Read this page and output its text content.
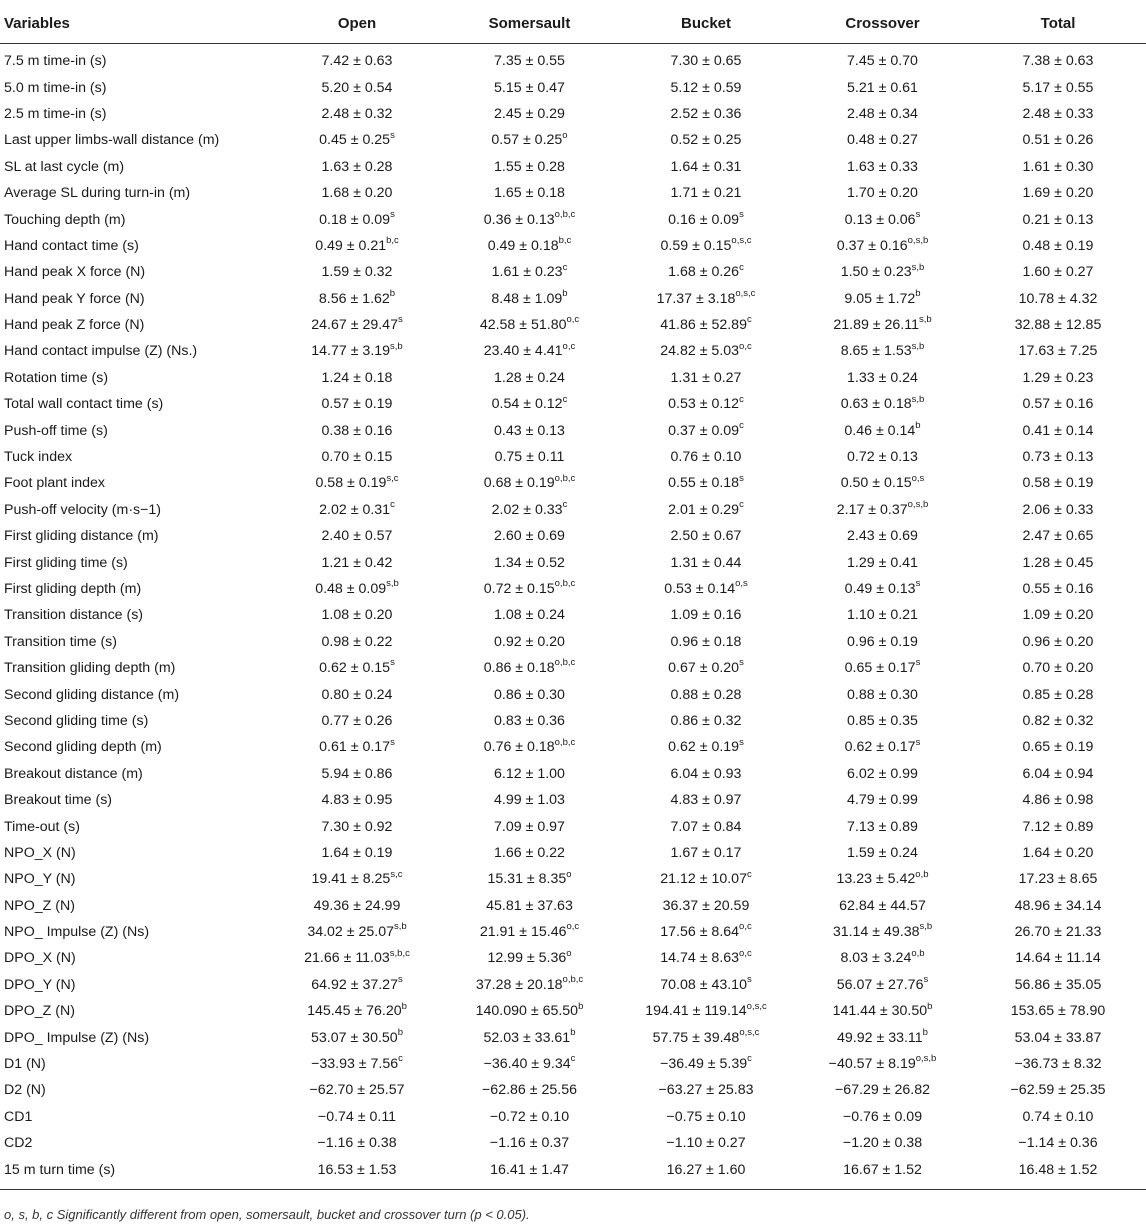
Variables	Open	Somersault	Bucket	Crossover	Total
7.5 m time-in (s)	7.42 ± 0.63	7.35 ± 0.55	7.30 ± 0.65	7.45 ± 0.70	7.38 ± 0.63
5.0 m time-in (s)	5.20 ± 0.54	5.15 ± 0.47	5.12 ± 0.59	5.21 ± 0.61	5.17 ± 0.55
2.5 m time-in (s)	2.48 ± 0.32	2.45 ± 0.29	2.52 ± 0.36	2.48 ± 0.34	2.48 ± 0.33
Last upper limbs-wall distance (m)	$0.45 \pm 0.25^s$	$0.57 \pm 0.25^o$	0.52 ± 0.25	0.48 ± 0.27	0.51 ± 0.26
SL at last cycle (m)	1.63 ± 0.28	1.55 ± 0.28	1.64 ± 0.31	1.63 ± 0.33	1.61 ± 0.30
Average SL during turn-in (m)	1.68 ± 0.20	1.65 ± 0.18	1.71 ± 0.21	1.70 ± 0.20	1.69 ± 0.20
Touching depth (m)	$0.18 \pm 0.09^s$	$0.36 \pm 0.13^{o,b,c}$	$0.16 \pm 0.09^s$	$0.13 \pm 0.06^s$	0.21 ± 0.13
Hand contact time (s)	$0.49 \pm 0.21^{b,c}$	$0.49 \pm 0.18^{b,c}$	$0.59 \pm 0.15^{o,s,c}$	$0.37 \pm 0.16^{o,s,b}$	0.48 ± 0.19
Hand peak X force (N)	1.59 ± 0.32	1.61 ± 0.23$^c$	1.68 ± 0.26$^c$	$1.50 \pm 0.23^{s,b}$	1.60 ± 0.27
Hand peak Y force (N)	8.56 ± 1.62$^b$	8.48 ± 1.09$^b$	$17.37 \pm 3.18^{o,s,c}$	9.05 ± 1.72$^b$	10.78 ± 4.32
Hand peak Z force (N)	$24.67 \pm 29.47^s$	$42.58 \pm 51.80^{o,c}$	41.86 ± 52.89$^c$	$21.89 \pm 26.11^{s,b}$	32.88 ± 12.85
Hand contact impulse (Z) (Ns.)	$14.77 \pm 3.19^{s,b}$	$23.40 \pm 4.41^{o,c}$	$24.82 \pm 5.03^{o,c}$	$8.65 \pm 1.53^{s,b}$	17.63 ± 7.25
Rotation time (s)	1.24 ± 0.18	1.28 ± 0.24	1.31 ± 0.27	1.33 ± 0.24	1.29 ± 0.23
Total wall contact time (s)	0.57 ± 0.19	0.54 ± 0.12$^c$	0.53 ± 0.12$^c$	$0.63 \pm 0.18^{s,b}$	0.57 ± 0.16
Push-off time (s)	0.38 ± 0.16	0.43 ± 0.13	0.37 ± 0.09$^c$	0.46 ± 0.14$^b$	0.41 ± 0.14
Tuck index	0.70 ± 0.15	0.75 ± 0.11	0.76 ± 0.10	0.72 ± 0.13	0.73 ± 0.13
Foot plant index	$0.58 \pm 0.19^{s,c}$	$0.68 \pm 0.19^{o,b,c}$	$0.55 \pm 0.18^s$	$0.50 \pm 0.15^{o,s}$	0.58 ± 0.19
Push-off velocity (m·s−1)	2.02 ± 0.31$^c$	2.02 ± 0.33$^c$	2.01 ± 0.29$^c$	$2.17 \pm 0.37^{o,s,b}$	2.06 ± 0.33
First gliding distance (m)	2.40 ± 0.57	2.60 ± 0.69	2.50 ± 0.67	2.43 ± 0.69	2.47 ± 0.65
First gliding time (s)	1.21 ± 0.42	1.34 ± 0.52	1.31 ± 0.44	1.29 ± 0.41	1.28 ± 0.45
First gliding depth (m)	$0.48 \pm 0.09^{s,b}$	$0.72 \pm 0.15^{o,b,c}$	$0.53 \pm 0.14^{o,s}$	$0.49 \pm 0.13^s$	0.55 ± 0.16
Transition distance (s)	1.08 ± 0.20	1.08 ± 0.24	1.09 ± 0.16	1.10 ± 0.21	1.09 ± 0.20
Transition time (s)	0.98 ± 0.22	0.92 ± 0.20	0.96 ± 0.18	0.96 ± 0.19	0.96 ± 0.20
Transition gliding depth (m)	$0.62 \pm 0.15^s$	$0.86 \pm 0.18^{o,b,c}$	$0.67 \pm 0.20^s$	$0.65 \pm 0.17^s$	0.70 ± 0.20
Second gliding distance (m)	0.80 ± 0.24	0.86 ± 0.30	0.88 ± 0.28	0.88 ± 0.30	0.85 ± 0.28
Second gliding time (s)	0.77 ± 0.26	0.83 ± 0.36	0.86 ± 0.32	0.85 ± 0.35	0.82 ± 0.32
Second gliding depth (m)	$0.61 \pm 0.17^s$	$0.76 \pm 0.18^{o,b,c}$	$0.62 \pm 0.19^s$	$0.62 \pm 0.17^s$	0.65 ± 0.19
Breakout distance (m)	5.94 ± 0.86	6.12 ± 1.00	6.04 ± 0.93	6.02 ± 0.99	6.04 ± 0.94
Breakout time (s)	4.83 ± 0.95	4.99 ± 1.03	4.83 ± 0.97	4.79 ± 0.99	4.86 ± 0.98
Time-out (s)	7.30 ± 0.92	7.09 ± 0.97	7.07 ± 0.84	7.13 ± 0.89	7.12 ± 0.89
NPO_X (N)	1.64 ± 0.19	1.66 ± 0.22	1.67 ± 0.17	1.59 ± 0.24	1.64 ± 0.20
NPO_Y (N)	$19.41 \pm 8.25^{s,c}$	$15.31 \pm 8.35^o$	21.12 ± 10.07$^c$	$13.23 \pm 5.42^{o,b}$	17.23 ± 8.65
NPO_Z (N)	49.36 ± 24.99	45.81 ± 37.63	36.37 ± 20.59	62.84 ± 44.57	48.96 ± 34.14
NPO_ Impulse (Z) (Ns)	$34.02 \pm 25.07^{s,b}$	$21.91 \pm 15.46^{o,c}$	$17.56 \pm 8.64^{o,c}$	$31.14 \pm 49.38^{s,b}$	26.70 ± 21.33
DPO_X (N)	$21.66 \pm 11.03^{s,b,c}$	$12.99 \pm 5.36^o$	$14.74 \pm 8.63^{o,c}$	$8.03 \pm 3.24^{o,b}$	14.64 ± 11.14
DPO_Y (N)	$64.92 \pm 37.27^s$	$37.28 \pm 20.18^{o,b,c}$	$70.08 \pm 43.10^s$	$56.07 \pm 27.76^s$	56.86 ± 35.05
DPO_Z (N)	145.45 ± 76.20$^b$	140.090 ± 65.50$^b$	$194.41 \pm 119.14^{o,s,c}$	141.44 ± 30.50$^b$	153.65 ± 78.90
DPO_ Impulse (Z) (Ns)	53.07 ± 30.50$^b$	52.03 ± 33.61$^b$	$57.75 \pm 39.48^{o,s,c}$	49.92 ± 33.11$^b$	53.04 ± 33.87
D1 (N)	−33.93 ± 7.56$^c$	−36.40 ± 9.34$^c$	−36.49 ± 5.39$^c$	$-40.57 \pm 8.19^{o,s,b}$	−36.73 ± 8.32
D2 (N)	−62.70 ± 25.57	−62.86 ± 25.56	−63.27 ± 25.83	−67.29 ± 26.82	−62.59 ± 25.35
CD1	−0.74 ± 0.11	−0.72 ± 0.10	−0.75 ± 0.10	−0.76 ± 0.09	0.74 ± 0.10
CD2	−1.16 ± 0.38	−1.16 ± 0.37	−1.10 ± 0.27	−1.20 ± 0.38	−1.14 ± 0.36
15 m turn time (s)	16.53 ± 1.53	16.41 ± 1.47	16.27 ± 1.60	16.67 ± 1.52	16.48 ± 1.52
o, s, b, c Significantly different from open, somersault, bucket and crossover turn (p < 0.05).
